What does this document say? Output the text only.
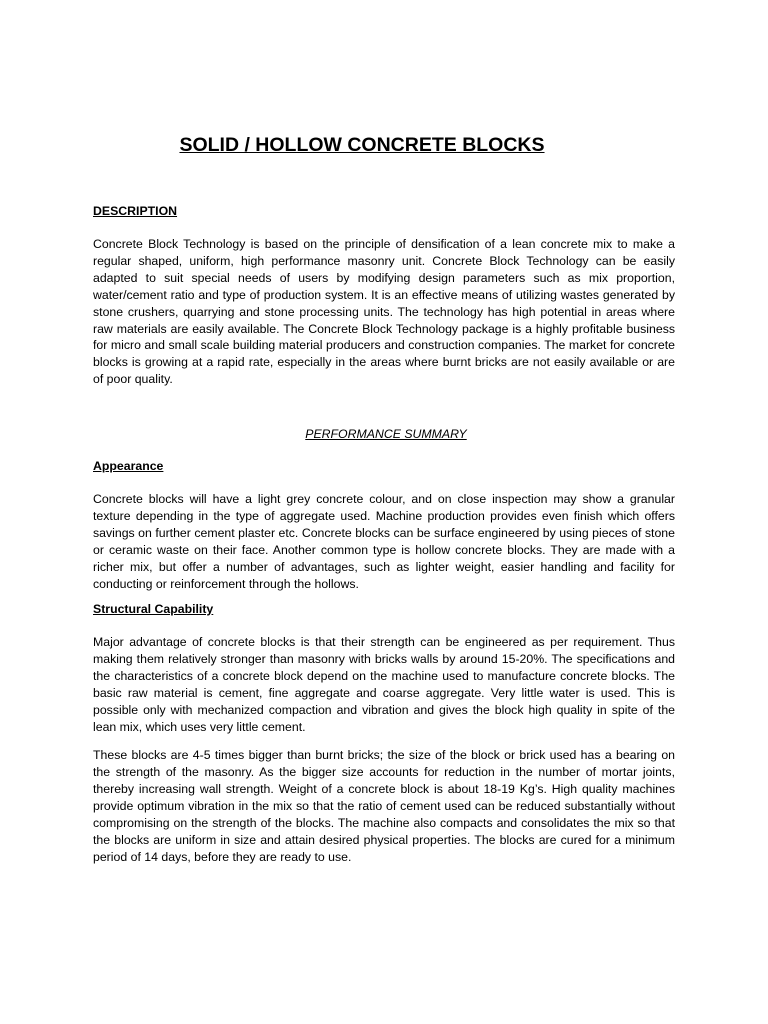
SOLID / HOLLOW CONCRETE BLOCKS
DESCRIPTION
Concrete Block Technology is based on the principle of densification of a lean concrete mix to make a regular shaped, uniform, high performance masonry unit. Concrete Block Technology can be easily adapted to suit special needs of users by modifying design parameters such as mix proportion, water/cement ratio and type of production system. It is an effective means of utilizing wastes generated by stone crushers, quarrying and stone processing units. The technology has high potential in areas where raw materials are easily available. The Concrete Block Technology package is a highly profitable business for micro and small scale building material producers and construction companies. The market for concrete blocks is growing at a rapid rate, especially in the areas where burnt bricks are not easily available or are of poor quality.
PERFORMANCE SUMMARY
Appearance
Concrete blocks will have a light grey concrete colour, and on close inspection may show a granular texture depending in the type of aggregate used. Machine production provides even finish which offers savings on further cement plaster etc. Concrete blocks can be surface engineered by using pieces of stone or ceramic waste on their face. Another common type is hollow concrete blocks. They are made with a richer mix, but offer a number of advantages, such as lighter weight, easier handling and facility for conducting or reinforcement through the hollows.
Structural Capability
Major advantage of concrete blocks is that their strength can be engineered as per requirement. Thus making them relatively stronger than masonry with bricks walls by around 15-20%. The specifications and the characteristics of a concrete block depend on the machine used to manufacture concrete blocks. The basic raw material is cement, fine aggregate and coarse aggregate. Very little water is used. This is possible only with mechanized compaction and vibration and gives the block high quality in spite of the lean mix, which uses very little cement.
These blocks are 4-5 times bigger than burnt bricks; the size of the block or brick used has a bearing on the strength of the masonry. As the bigger size accounts for reduction in the number of mortar joints, thereby increasing wall strength. Weight of a concrete block is about 18-19 Kg’s. High quality machines provide optimum vibration in the mix so that the ratio of cement used can be reduced substantially without compromising on the strength of the blocks. The machine also compacts and consolidates the mix so that the blocks are uniform in size and attain desired physical properties. The blocks are cured for a minimum period of 14 days, before they are ready to use.
